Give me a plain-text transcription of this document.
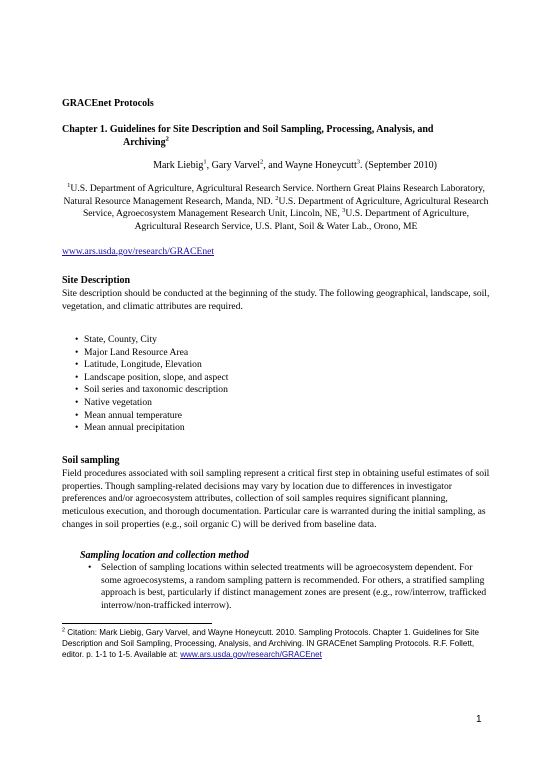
GRACEnet Protocols
Chapter 1. Guidelines for Site Description and Soil Sampling, Processing, Analysis, and
Archiving$^2$
Mark Liebig$^1$, Gary Varvel$^2$, and Wayne Honeycutt$^3$. (September 2010)
$^1$U.S. Department of Agriculture, Agricultural Research Service. Northern Great Plains Research Laboratory, Natural Resource Management Research, Manda, ND. $^2$U.S. Department of Agriculture, Agricultural Research Service, Agroecosystem Management Research Unit, Lincoln, NE, $^3$U.S. Department of Agriculture, Agricultural Research Service, U.S. Plant, Soil & Water Lab., Orono, ME
www.ars.usda.gov/research/GRACEnet
Site Description
Site description should be conducted at the beginning of the study. The following geographical, landscape, soil, vegetation, and climatic attributes are required.
• State, County, City
• Major Land Resource Area
• Latitude, Longitude, Elevation
• Landscape position, slope, and aspect
• Soil series and taxonomic description
• Native vegetation
• Mean annual temperature
• Mean annual precipitation
Soil sampling
Field procedures associated with soil sampling represent a critical first step in obtaining useful estimates of soil properties. Though sampling-related decisions may vary by location due to differences in investigator preferences and/or agroecosystem attributes, collection of soil samples requires significant planning, meticulous execution, and thorough documentation. Particular care is warranted during the initial sampling, as changes in soil properties (e.g., soil organic C) will be derived from baseline data.
Sampling location and collection method
• Selection of sampling locations within selected treatments will be agroecosystem dependent. For some agroecosystems, a random sampling pattern is recommended. For others, a stratified sampling approach is best, particularly if distinct management zones are present (e.g., row/interrow, trafficked interrow/non-trafficked interrow).
$^2$ Citation: Mark Liebig, Gary Varvel, and Wayne Honeycutt. 2010. Sampling Protocols. Chapter 1. Guidelines for Site Description and Soil Sampling, Processing, Analysis, and Archiving. IN GRACEnet Sampling Protocols. R.F. Follett, editor. p. 1-1 to 1-5. Available at: www.ars.usda.gov/research/GRACEnet
1
